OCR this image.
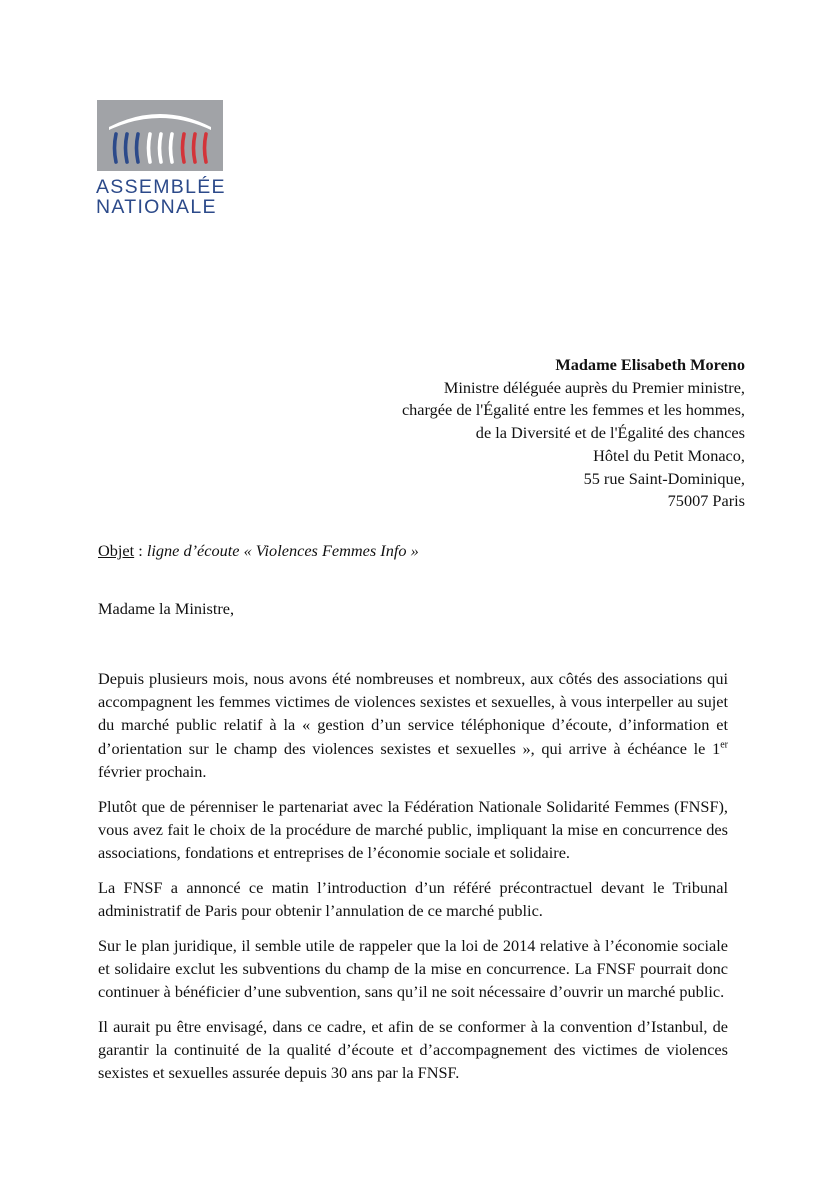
ASSEMBLÉE
NATIONALE
Madame Elisabeth Moreno
Ministre déléguée auprès du Premier ministre,
chargée de l'Égalité entre les femmes et les hommes,
de la Diversité et de l'Égalité des chances
Hôtel du Petit Monaco,
55 rue Saint-Dominique,
75007 Paris
Objet : ligne d’écoute « Violences Femmes Info »
Madame la Ministre,

Depuis plusieurs mois, nous avons été nombreuses et nombreux, aux côtés des associations qui accompagnent les femmes victimes de violences sexistes et sexuelles, à vous interpeller au sujet du marché public relatif à la « gestion d’un service téléphonique d’écoute, d’information et d’orientation sur le champ des violences sexistes et sexuelles », qui arrive à échéance le 1er février prochain.

Plutôt que de pérenniser le partenariat avec la Fédération Nationale Solidarité Femmes (FNSF), vous avez fait le choix de la procédure de marché public, impliquant la mise en concurrence des associations, fondations et entreprises de l’économie sociale et solidaire.

La FNSF a annoncé ce matin l’introduction d’un référé précontractuel devant le Tribunal administratif de Paris pour obtenir l’annulation de ce marché public.

Sur le plan juridique, il semble utile de rappeler que la loi de 2014 relative à l’économie sociale et solidaire exclut les subventions du champ de la mise en concurrence. La FNSF pourrait donc continuer à bénéficier d’une subvention, sans qu’il ne soit nécessaire d’ouvrir un marché public.

Il aurait pu être envisagé, dans ce cadre, et afin de se conformer à la convention d’Istanbul, de garantir la continuité de la qualité d’écoute et d’accompagnement des victimes de violences sexistes et sexuelles assurée depuis 30 ans par la FNSF.
